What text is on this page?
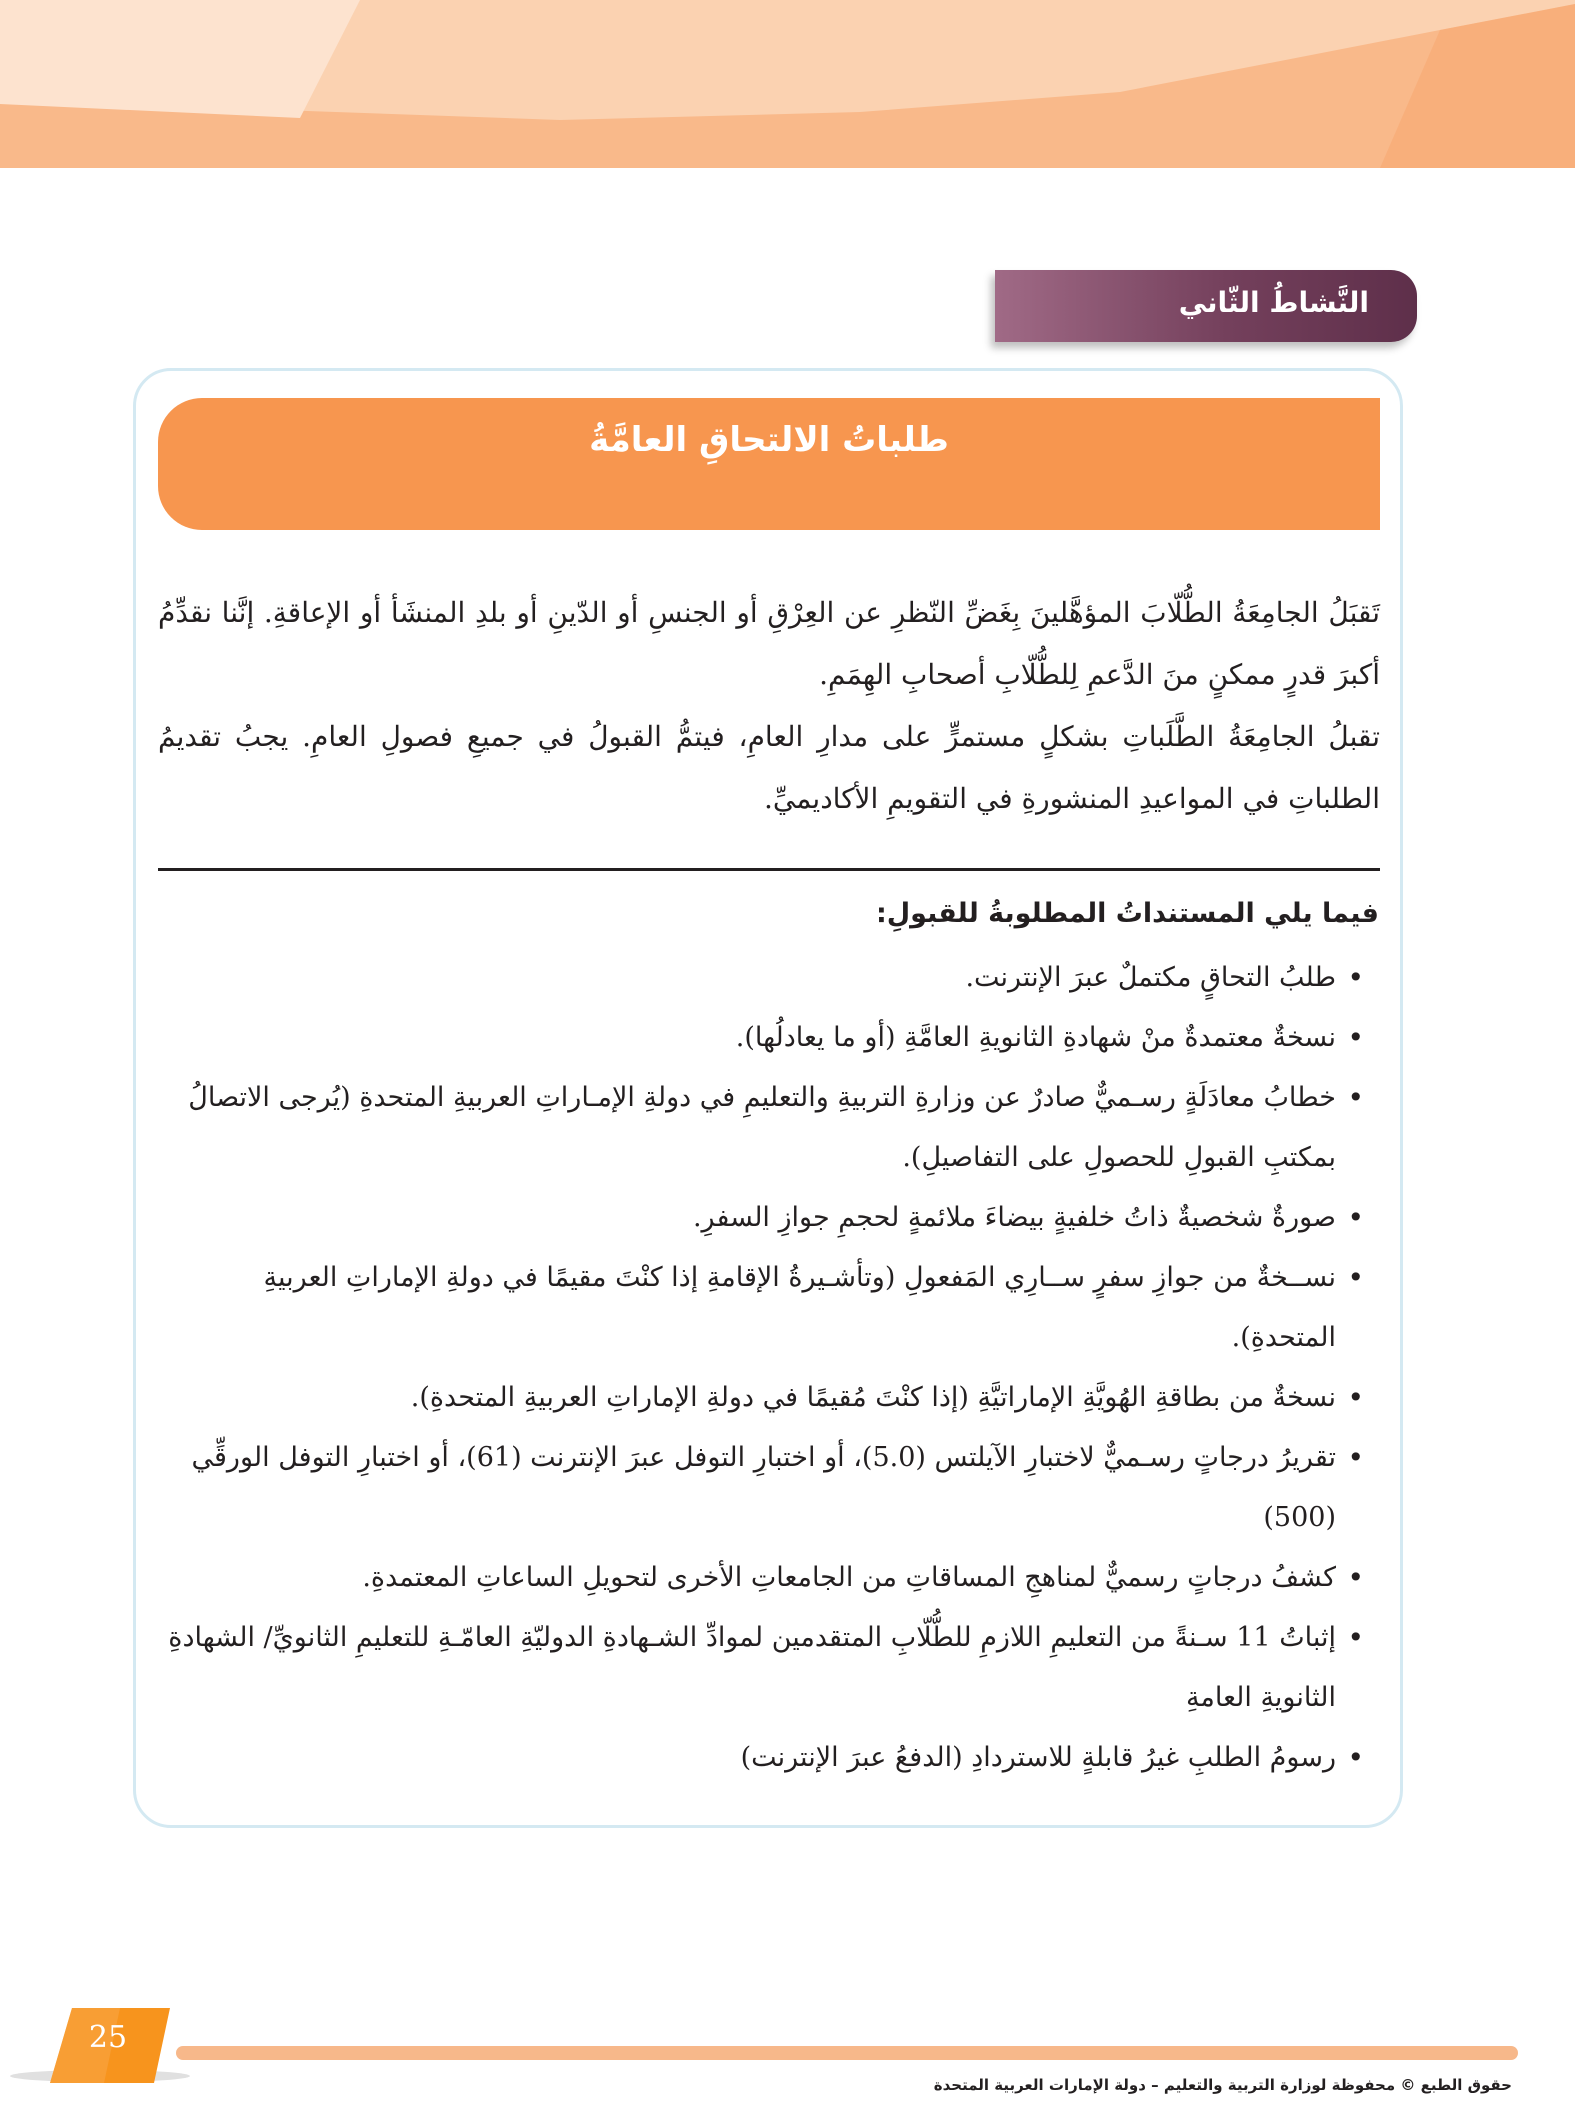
النَّشاطُ الثّاني
طلباتُ الالتحاقِ العامَّةُ

تَقبَلُ الجامِعَةُ الطُّلّابَ المؤهَّلينَ بِغَضِّ النّظرِ عن العِرْقِ أو الجنسِ أو الدّينِ أو بلدِ المنشَأ أو الإعاقةِ. إنَّنا نقدِّمُ أكبرَ قدرٍ ممكنٍ منَ الدَّعمِ لِلطُّلّابِ أصحابِ الهِمَمِ.

تقبلُ الجامِعَةُ الطَّلَباتِ بشكلٍ مستمرٍّ على مدارِ العامِ، فيتمُّ القبولُ في جميعِ فصولِ العامِ. يجبُ تقديمُ الطلباتِ في المواعيدِ المنشورةِ في التقويمِ الأكاديميِّ.

فيما يلي المستنداتُ المطلوبةُ للقبولِ:
• طلبُ التحاقٍ مكتملٌ عبرَ الإنترنت.
• نسخةٌ معتمدةٌ منْ شهادةِ الثانويةِ العامَّةِ (أو ما يعادلُها).
• خطابُ معادَلَةٍ رسـميٌّ صادرٌ عن وزارةِ التربيةِ والتعليمِ في دولةِ الإمـاراتِ العربيةِ المتحدةِ (يُرجى الاتصالُ بمكتبِ القبولِ للحصولِ على التفاصيلِ).
• صورةٌ شخصيةٌ ذاتُ خلفيةٍ بيضاءَ ملائمةٍ لحجمِ جوازِ السفرِ.
• نســخةٌ من جوازِ سفرٍ ســارِي المَفعولِ (وتأشـيرةُ الإقامةِ إذا كنْتَ مقيمًا في دولةِ الإماراتِ العربيةِ المتحدةِ).
• نسخةٌ من بطاقةِ الهُويَّةِ الإماراتيَّةِ (إذا كنْتَ مُقيمًا في دولةِ الإماراتِ العربيةِ المتحدةِ).
• تقريرُ درجاتٍ رسـميٌّ لاختبارِ الآيلتس (5.0)، أو اختبارِ التوفل عبرَ الإنترنت (61)، أو اختبارِ التوفل الورقِّي (500)
• كشفُ درجاتٍ رسميٌّ لمناهجِ المساقاتِ من الجامعاتِ الأخرى لتحويلِ الساعاتِ المعتمدةِ.
• إثباتُ 11 سـنةً من التعليمِ اللازمِ للطُّلّابِ المتقدمين لموادِّ الشـهادةِ الدوليّةِ العامّـةِ للتعليمِ الثانويِّ/ الشهادةِ الثانويةِ العامةِ
• رسومُ الطلبِ غيرُ قابلةٍ للاستردادِ (الدفعُ عبرَ الإنترنت)
25
حقوق الطبع © محفوظة لوزارة التربية والتعليم – دولة الإمارات العربية المتحدة
